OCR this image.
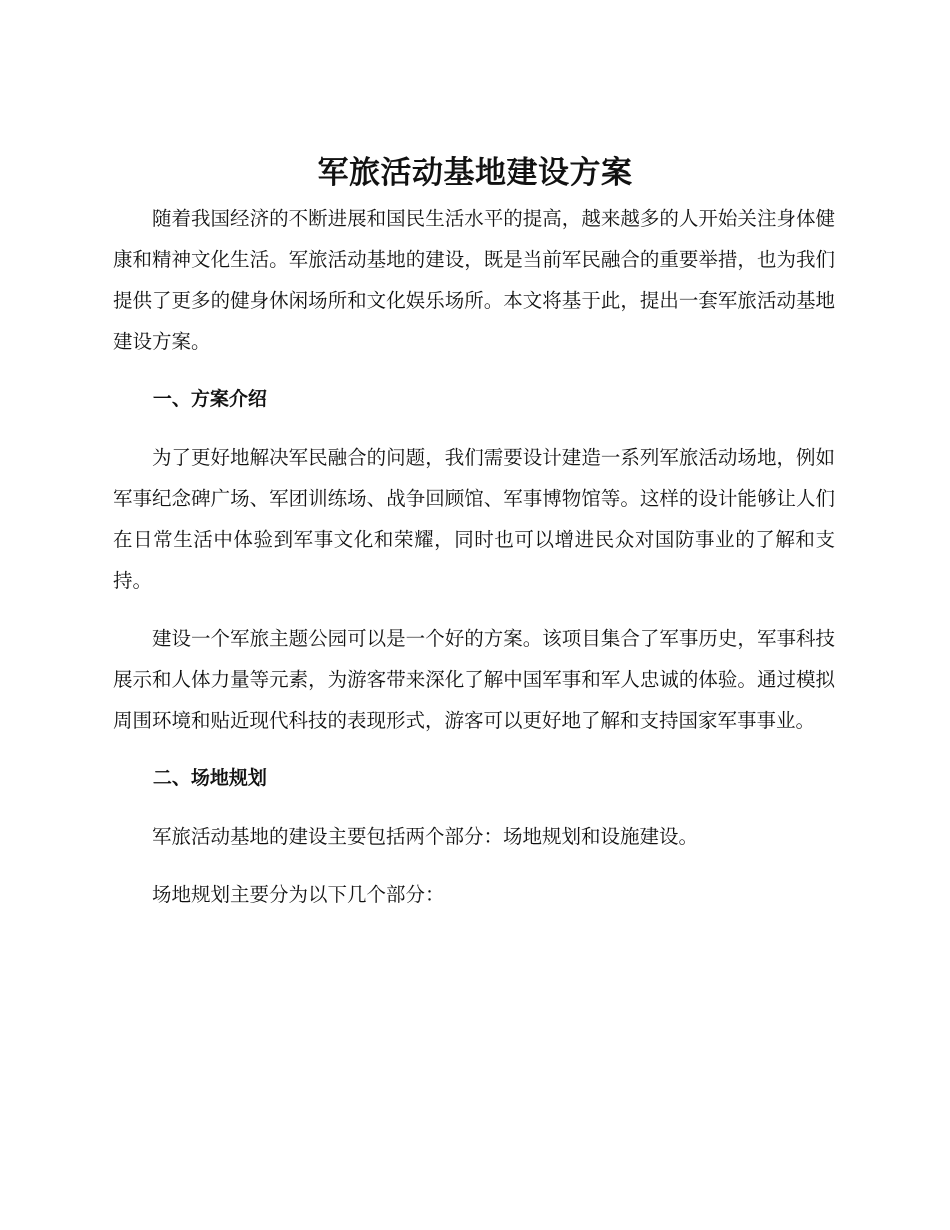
军旅活动基地建设方案

随着我国经济的不断进展和国民生活水平的提高，越来越多的人开始关注身体健康和精神文化生活。军旅活动基地的建设，既是当前军民融合的重要举措，也为我们提供了更多的健身休闲场所和文化娱乐场所。本文将基于此，提出一套军旅活动基地建设方案。

一、方案介绍

为了更好地解决军民融合的问题，我们需要设计建造一系列军旅活动场地，例如军事纪念碑广场、军团训练场、战争回顾馆、军事博物馆等。这样的设计能够让人们在日常生活中体验到军事文化和荣耀，同时也可以增进民众对国防事业的了解和支持。

建设一个军旅主题公园可以是一个好的方案。该项目集合了军事历史，军事科技展示和人体力量等元素，为游客带来深化了解中国军事和军人忠诚的体验。通过模拟周围环境和贴近现代科技的表现形式，游客可以更好地了解和支持国家军事事业。

二、场地规划

军旅活动基地的建设主要包括两个部分：场地规划和设施建设。

场地规划主要分为以下几个部分：
